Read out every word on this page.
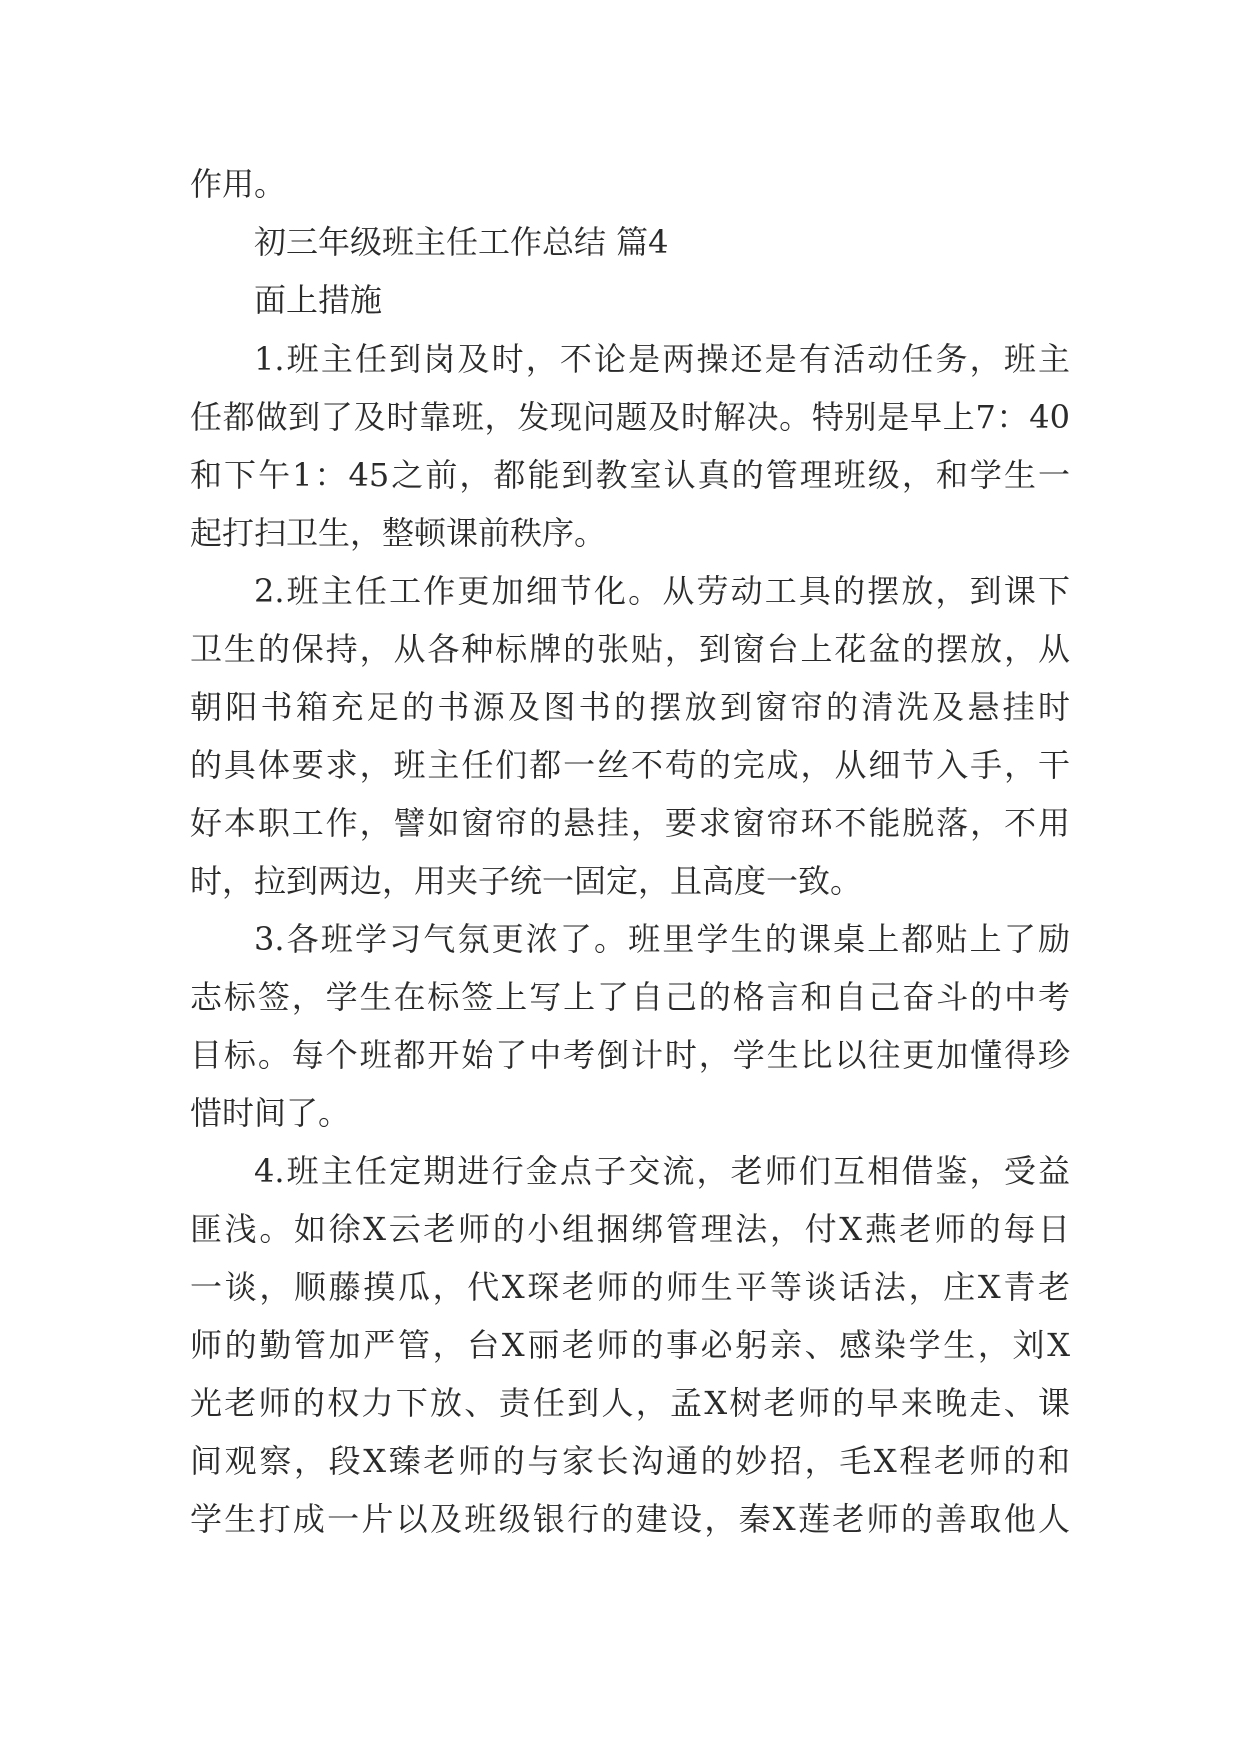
作用。
初三年级班主任工作总结 篇4
面上措施
1.班主任到岗及时，不论是两操还是有活动任务，班主
任都做到了及时靠班，发现问题及时解决。特别是早上7：40
和下午1：45之前，都能到教室认真的管理班级，和学生一
起打扫卫生，整顿课前秩序。
2.班主任工作更加细节化。从劳动工具的摆放，到课下
卫生的保持，从各种标牌的张贴，到窗台上花盆的摆放，从
朝阳书箱充足的书源及图书的摆放到窗帘的清洗及悬挂时
的具体要求，班主任们都一丝不苟的完成，从细节入手，干
好本职工作，譬如窗帘的悬挂，要求窗帘环不能脱落，不用
时，拉到两边，用夹子统一固定，且高度一致。
3.各班学习气氛更浓了。班里学生的课桌上都贴上了励
志标签，学生在标签上写上了自己的格言和自己奋斗的中考
目标。每个班都开始了中考倒计时，学生比以往更加懂得珍
惜时间了。
4.班主任定期进行金点子交流，老师们互相借鉴，受益
匪浅。如徐X云老师的小组捆绑管理法，付X燕老师的每日
一谈，顺藤摸瓜，代X琛老师的师生平等谈话法，庄X青老
师的勤管加严管，台X丽老师的事必躬亲、感染学生，刘X
光老师的权力下放、责任到人，孟X树老师的早来晚走、课
间观察，段X臻老师的与家长沟通的妙招，毛X程老师的和
学生打成一片以及班级银行的建设，秦X莲老师的善取他人
